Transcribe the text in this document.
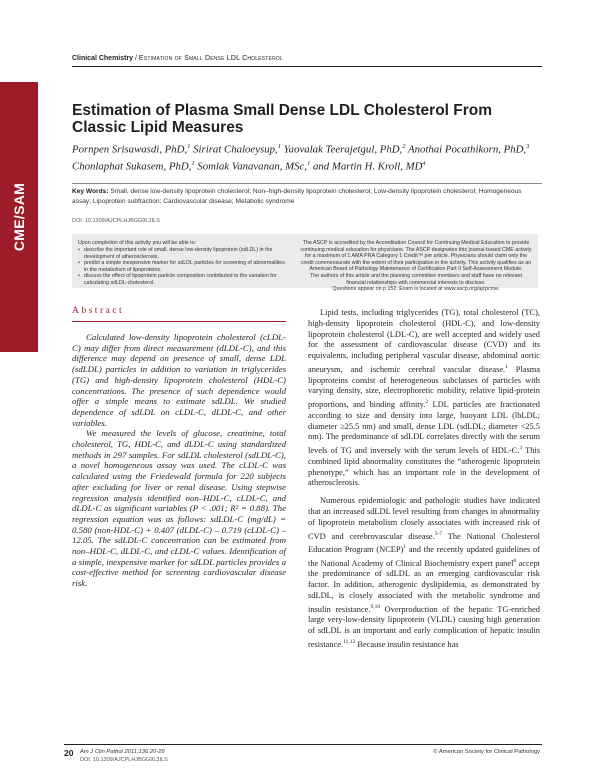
Clinical Chemistry / Estimation of Small Dense LDL Cholesterol
CME/SAM
Estimation of Plasma Small Dense LDL Cholesterol From Classic Lipid Measures
Pornpen Srisawasdi, PhD,$^1$ Sirirat Chaloeysup,$^1$ Yaovalak Teerajetgul, PhD,$^2$ Anothai Pocathikorn, PhD,$^3$ Chonlaphat Sukasem, PhD,$^1$ Somlak Vanavanan, MSc,$^1$ and Martin H. Kroll, $MD^4$
Key Words: Small, dense low-density lipoprotein cholesterol; Non–high-density lipoprotein cholesterol; Low-density lipoprotein cholesterol; Homogeneous assay; Lipoprotein subfraction; Cardiovascular disease; Metabolic syndrome
DOI: 10.1309/AJCPLHJBGG9L3ILS
Upon completion of this activity you will be able to:
• describe the important role of small, dense low-density lipoprotein (sdLDL) in the development of atherosclerosis.
• predict a simple inexpensive marker for sdLDL particles for screening of abnormalities in the metabolism of lipoproteins.
• discuss the effect of lipoprotein particle composition contributed to the variation for calculating sdLDL-cholesterol.

The ASCP is accredited by the Accreditation Council for Continuing Medical Education to provide continuing medical education for physicians. The ASCP designates this journal-based CME activity for a maximum of 1 AMA PRA Category 1 Credit™ per article. Physicians should claim only the credit commensurate with the extent of their participation in the activity. This activity qualifies as an American Board of Pathology Maintenance of Certification Part II Self-Assessment Module.

The authors of this article and the planning committee members and staff have no relevant financial relationships with commercial interests to disclose.

Questions appear on p 152. Exam is located at www.ascp.org/ajcpcme.

Abstract

Calculated low-density lipoprotein cholesterol (cLDL-C) may differ from direct measurement (dLDL-C), and this difference may depend on presence of small, dense LDL (sdLDL) particles in addition to variation in triglycerides (TG) and high-density lipoprotein cholesterol (HDL-C) concentrations. The presence of such dependence would offer a simple means to estimate sdLDL. We studied dependence of sdLDL on cLDL-C, dLDL-C, and other variables.

We measured the levels of glucose, creatinine, total cholesterol, TG, HDL-C, and dLDL-C using standardized methods in 297 samples. For sdLDL cholesterol (sdLDL-C), a novel homogeneous assay was used. The cLDL-C was calculated using the Friedewald formula for 220 subjects after excluding for liver or renal disease. Using stepwise regression analysis identified non–HDL-C, cLDL-C, and dLDL-C as significant variables (P < .001; R² = 0.88). The regression equation was as follows: sdLDL-C (mg/dL) = 0.580 (non-HDL-C) + 0.407 (dLDL-C) – 0.719 (cLDL-C) – 12.05. The sdLDL-C concentration can be estimated from non–HDL-C, dLDL-C, and cLDL-C values. Identification of a simple, inexpensive marker for sdLDL particles provides a cost-effective method for screening cardiovascular disease risk.

Lipid tests, including triglycerides (TG), total cholesterol (TC), high-density lipoprotein cholesterol (HDL-C), and low-density lipoprotein cholesterol (LDL-C), are well accepted and widely used for the assessment of cardiovascular disease (CVD) and its equivalents, including peripheral vascular disease, abdominal aortic aneurysm, and ischemic cerebral vascular disease.$^1$ Plasma lipoproteins consist of heterogeneous subclasses of particles with varying density, size, electrophoretic mobility, relative lipid-protein proportions, and binding affinity.$^2$ LDL particles are fractionated according to size and density into large, buoyant LDL (lbLDL; diameter ≥25.5 nm) and small, dense LDL (sdLDL; diameter <25.5 nm). The predominance of sdLDL correlates directly with the serum levels of TG and inversely with the serum levels of HDL-C.$^3$ This combined lipid abnormality constitutes the “atherogenic lipoprotein phenotype,” which has an important role in the development of atherosclerosis.

Numerous epidemiologic and pathologic studies have indicated that an increased sdLDL level resulting from changes in abnormality of lipoprotein metabolism closely associates with increased risk of CVD and cerebrovascular disease.$^{3-7}$ The National Cholesterol Education Program (NCEP)$^1$ and the recently updated guidelines of the National Academy of Clinical Biochemistry expert panel$^8$ accept the predominance of sdLDL as an emerging cardiovascular risk factor. In addition, atherogenic dyslipidemia, as demonstrated by sdLDL, is closely associated with the metabolic syndrome and insulin resistance.$^{9,10}$ Overproduction of the hepatic TG-enriched large very-low-density lipoprotein (VLDL) causing high generation of sdLDL is an important and early complication of hepatic insulin resistance.$^{11,12}$ Because insulin resistance has

20 Am J Clin Pathol 2011;136:20-29
DOI: 10.1309/AJCPLHJBGG9L3ILS
© American Society for Clinical Pathology
